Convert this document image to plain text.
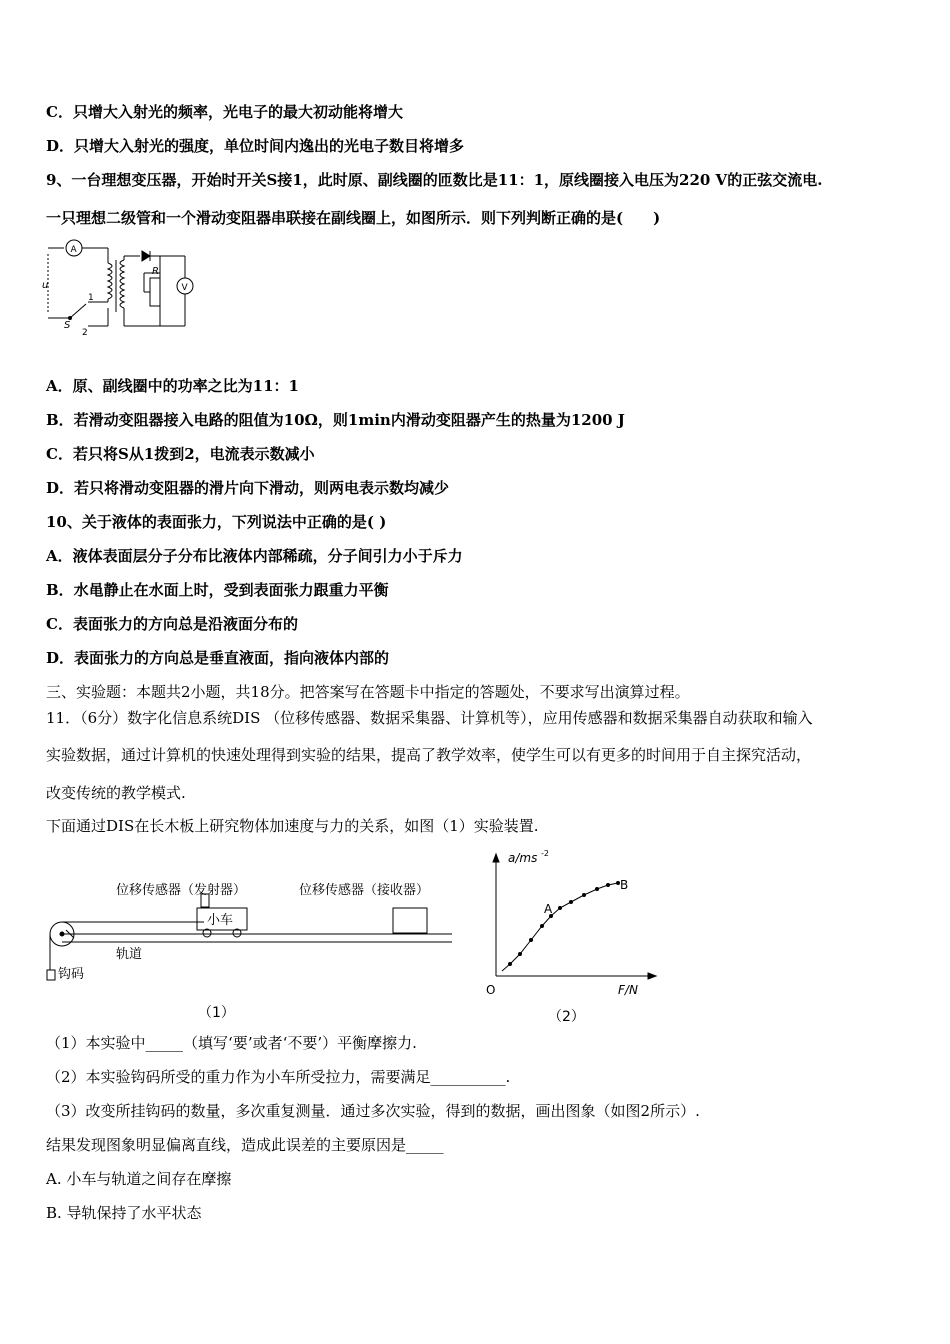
C．只增大入射光的频率，光电子的最大初动能将增大
D．只增大入射光的强度，单位时间内逸出的光电子数目将增多
9、一台理想变压器，开始时开关S接1，此时原、副线圈的匝数比是11：1，原线圈接入电压为220 V的正弦交流电.
一只理想二级管和一个滑动变阻器串联接在副线圈上，如图所示．则下列判断正确的是(　　)
A
V
R
u
S
1
2
A．原、副线圈中的功率之比为11：1
B．若滑动变阻器接入电路的阻值为10Ω，则1min内滑动变阻器产生的热量为1200 J
C．若只将S从1拨到2，电流表示数减小
D．若只将滑动变阻器的滑片向下滑动，则两电表示数均减少
10、关于液体的表面张力，下列说法中正确的是( )
A．液体表面层分子分布比液体内部稀疏，分子间引力小于斥力
B．水黾静止在水面上时，受到表面张力跟重力平衡
C．表面张力的方向总是沿液面分布的
D．表面张力的方向总是垂直液面，指向液体内部的
三、实验题：本题共2小题，共18分。把答案写在答题卡中指定的答题处，不要求写出演算过程。
11．（6分）数字化信息系统DIS （位移传感器、数据采集器、计算机等），应用传感器和数据采集器自动获取和输入
实验数据，通过计算机的快速处理得到实验的结果，提高了教学效率，使学生可以有更多的时间用于自主探究活动，
改变传统的教学模式.
下面通过DIS在长木板上研究物体加速度与力的关系，如图（1）实验装置.
位移传感器（发射器）	位移传感器（接收器）
小车
轨道
钩码
（1）
a/ms -2
F/N
O
A
B
（2）
（1）本实验中_____（填写‘要’或者‘不要’）平衡摩擦力.
（2）本实验钩码所受的重力作为小车所受拉力，需要满足__________.
（3）改变所挂钩码的数量，多次重复测量．通过多次实验，得到的数据，画出图象（如图2所示）.
结果发现图象明显偏离直线，造成此误差的主要原因是_____
A. 小车与轨道之间存在摩擦
B. 导轨保持了水平状态
